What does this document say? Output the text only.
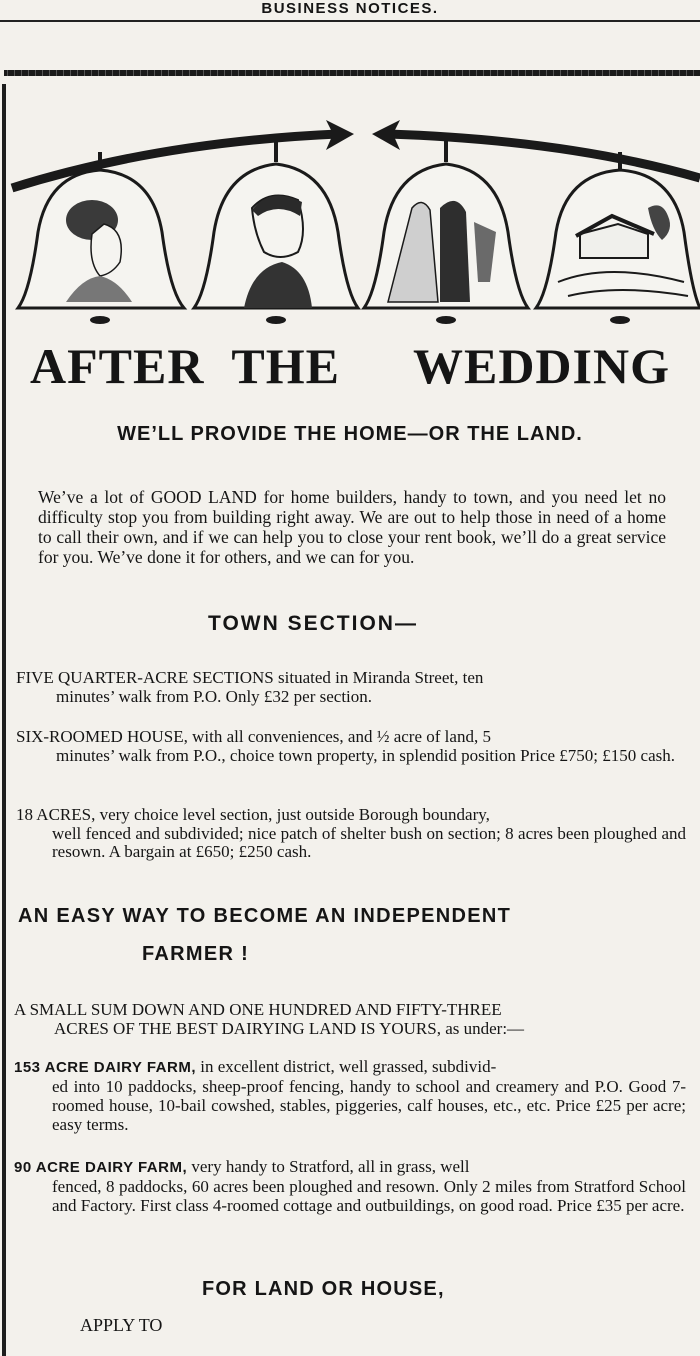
BUSINESS NOTICES.
AFTER THE WEDDING
WE’LL PROVIDE THE HOME—OR THE LAND.
We’ve a lot of GOOD LAND for home builders, handy to town, and you need let no difficulty stop you from building right away. We are out to help those in need of a home to call their own, and if we can help you to close your rent book, we’ll do a great service for you. We’ve done it for others, and we can for you.
TOWN SECTION—
FIVE QUARTER-ACRE SECTIONS situated in Miranda Street, ten
minutes’ walk from P.O. Only £32 per section.
SIX-ROOMED HOUSE, with all conveniences, and ½ acre of land, 5
minutes’ walk from P.O., choice town property, in splendid position Price £750; £150 cash.
18 ACRES, very choice level section, just outside Borough boundary,
well fenced and subdivided; nice patch of shelter bush on section; 8 acres been ploughed and resown. A bargain at £650; £250 cash.
AN EASY WAY TO BECOME AN INDEPENDENT
FARMER !
A SMALL SUM DOWN AND ONE HUNDRED AND FIFTY-THREE
ACRES OF THE BEST DAIRYING LAND IS YOURS, as under:—
153 ACRE DAIRY FARM, in excellent district, well grassed, subdivid-
ed into 10 paddocks, sheep-proof fencing, handy to school and creamery and P.O. Good 7-roomed house, 10-bail cowshed, stables, piggeries, calf houses, etc., etc. Price £25 per acre; easy terms.
90 ACRE DAIRY FARM, very handy to Stratford, all in grass, well
fenced, 8 paddocks, 60 acres been ploughed and resown. Only 2 miles from Stratford School and Factory. First class 4-roomed cottage and outbuildings, on good road. Price £35 per acre.
FOR LAND OR HOUSE,
APPLY TO
